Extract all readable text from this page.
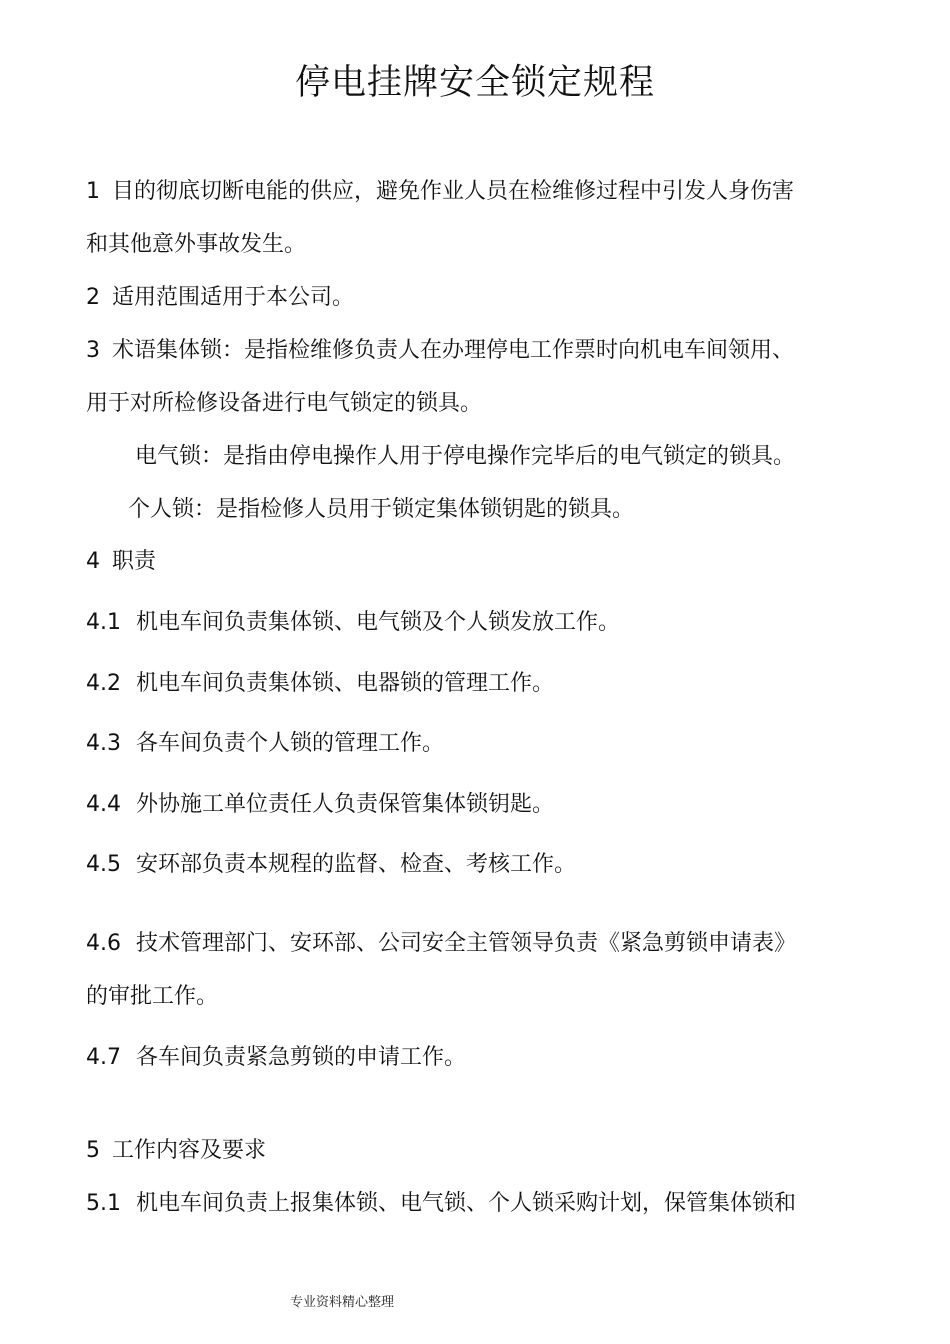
停电挂牌安全锁定规程
1 目的彻底切断电能的供应，避免作业人员在检维修过程中引发人身伤害
和其他意外事故发生。
2 适用范围适用于本公司。
3 术语集体锁：是指检维修负责人在办理停电工作票时向机电车间领用、
用于对所检修设备进行电气锁定的锁具。
电气锁：是指由停电操作人用于停电操作完毕后的电气锁定的锁具。
个人锁：是指检修人员用于锁定集体锁钥匙的锁具。
4 职责
4.1 机电车间负责集体锁、电气锁及个人锁发放工作。
4.2 机电车间负责集体锁、电器锁的管理工作。
4.3 各车间负责个人锁的管理工作。
4.4 外协施工单位责任人负责保管集体锁钥匙。
4.5 安环部负责本规程的监督、检查、考核工作。
4.6 技术管理部门、安环部、公司安全主管领导负责《紧急剪锁申请表》
的审批工作。
4.7 各车间负责紧急剪锁的申请工作。
5 工作内容及要求
5.1 机电车间负责上报集体锁、电气锁、个人锁采购计划，保管集体锁和
专业资料精心整理
